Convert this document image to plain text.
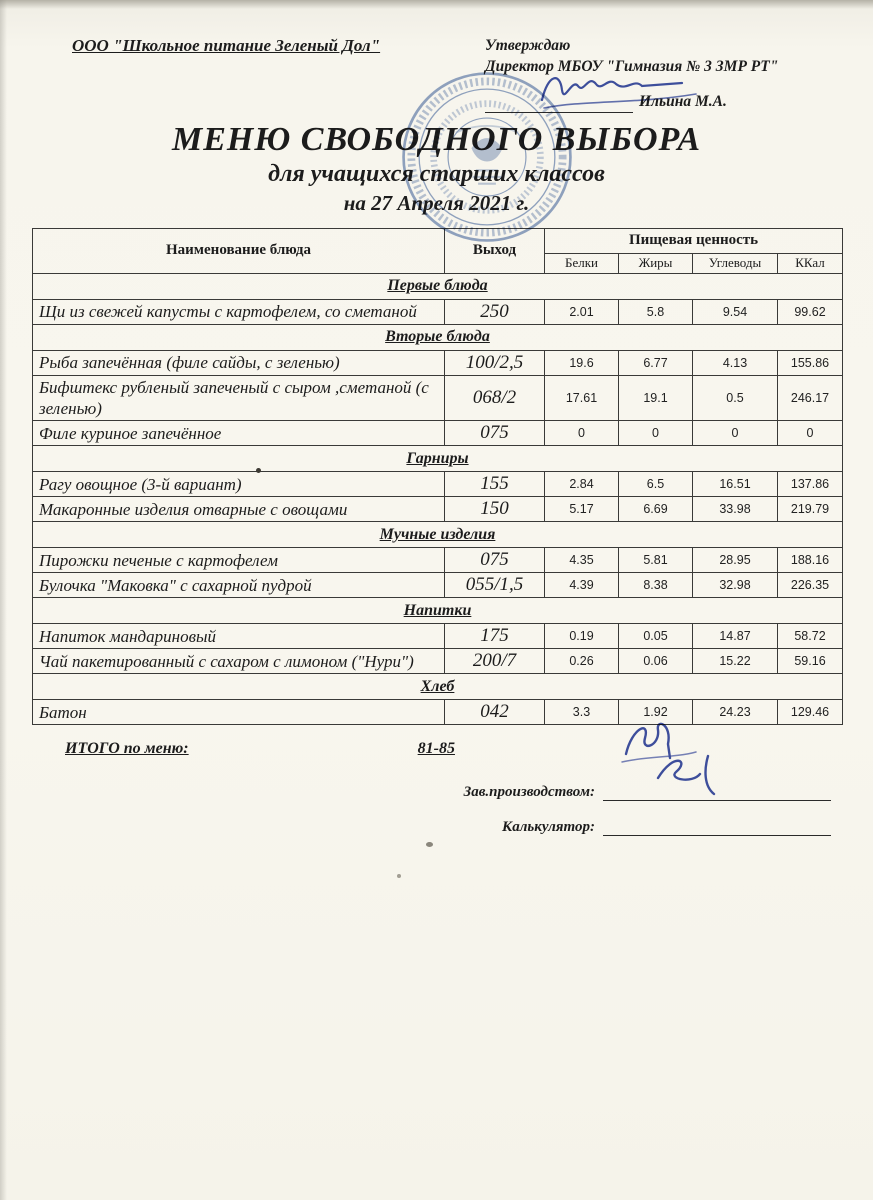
ООО "Школьное питание Зеленый Дол"	Утверждаю
Директор МБОУ "Гимназия № 3 ЗМР РТ"
Ильина М.А.
МЕНЮ СВОБОДНОГО ВЫБОРА
для учащихся старших классов
на 27 Апреля 2021 г.
Наименование блюда	Выход	Пищевая ценность			
		Белки	Жиры	Углеводы	ККал
Первые блюда					
Щи из свежей капусты с картофелем, со сметаной	250	2.01	5.8	9.54	99.62
Вторые блюда					
Рыба запечённая (филе сайды, с зеленью)	100/2,5	19.6	6.77	4.13	155.86
Бифштекс рубленый запеченый с сыром ,сметаной (с зеленью)	068/2	17.61	19.1	0.5	246.17
Филе куриное запечённое	075	0	0	0	0
Гарниры					
Рагу овощное (3-й вариант)	155	2.84	6.5	16.51	137.86
Макаронные изделия отварные с овощами	150	5.17	6.69	33.98	219.79
Мучные изделия					
Пирожки печеные с картофелем	075	4.35	5.81	28.95	188.16
Булочка "Маковка" с сахарной пудрой	055/1,5	4.39	8.38	32.98	226.35
Напитки					
Напиток мандариновый	175	0.19	0.05	14.87	58.72
Чай пакетированный с сахаром с лимоном ("Нури")	200/7	0.26	0.06	15.22	59.16
Хлеб					
Батон	042	3.3	1.92	24.23	129.46
ИТОГО по меню:	81-85
Зав.производством:
Калькулятор:
